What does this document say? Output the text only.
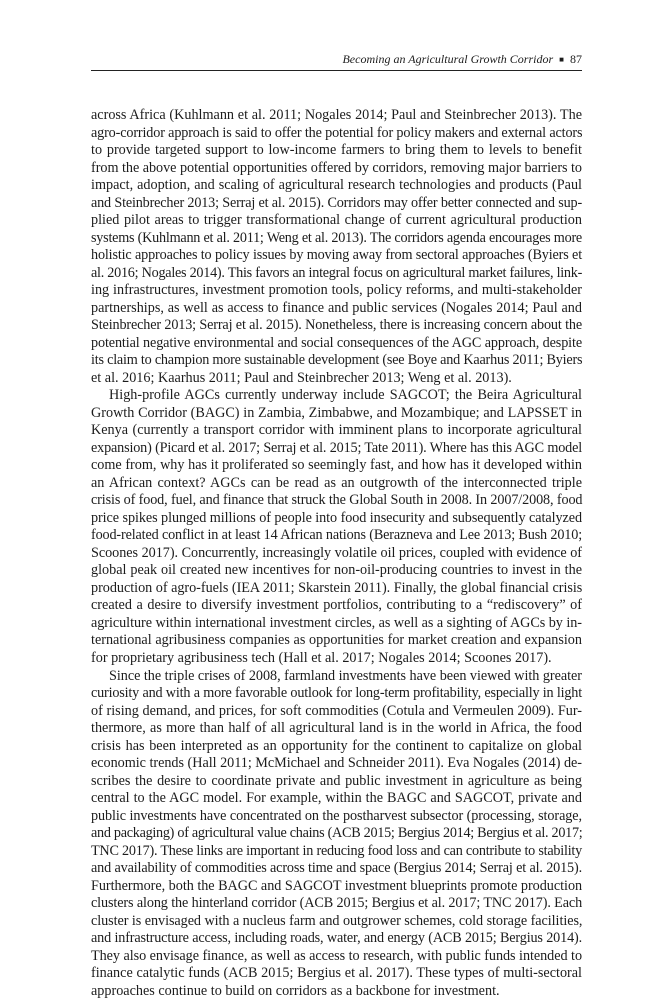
Becoming an Agricultural Growth Corridor ■ 87

across Africa (Kuhlmann et al. 2011; Nogales 2014; Paul and Steinbrecher 2013). The
agro-corridor approach is said to offer the potential for policy makers and external actors
to provide targeted support to low-income farmers to bring them to levels to benefit
from the above potential opportunities offered by corridors, removing major barriers to
impact, adoption, and scaling of agricultural research technologies and products (Paul
and Steinbrecher 2013; Serraj et al. 2015). Corridors may offer better connected and sup-
plied pilot areas to trigger transformational change of current agricultural production
systems (Kuhlmann et al. 2011; Weng et al. 2013). The corridors agenda encourages more
holistic approaches to policy issues by moving away from sectoral approaches (Byiers et
al. 2016; Nogales 2014). This favors an integral focus on agricultural market failures, link-
ing infrastructures, investment promotion tools, policy reforms, and multi-stakeholder
partnerships, as well as access to finance and public services (Nogales 2014; Paul and
Steinbrecher 2013; Serraj et al. 2015). Nonetheless, there is increasing concern about the
potential negative environmental and social consequences of the AGC approach, despite
its claim to champion more sustainable development (see Boye and Kaarhus 2011; Byiers
et al. 2016; Kaarhus 2011; Paul and Steinbrecher 2013; Weng et al. 2013).

High-profile AGCs currently underway include SAGCOT; the Beira Agricultural
Growth Corridor (BAGC) in Zambia, Zimbabwe, and Mozambique; and LAPSSET in
Kenya (currently a transport corridor with imminent plans to incorporate agricultural
expansion) (Picard et al. 2017; Serraj et al. 2015; Tate 2011). Where has this AGC model
come from, why has it proliferated so seemingly fast, and how has it developed within
an African context? AGCs can be read as an outgrowth of the interconnected triple
crisis of food, fuel, and finance that struck the Global South in 2008. In 2007/2008, food
price spikes plunged millions of people into food insecurity and subsequently catalyzed
food-related conflict in at least 14 African nations (Berazneva and Lee 2013; Bush 2010;
Scoones 2017). Concurrently, increasingly volatile oil prices, coupled with evidence of
global peak oil created new incentives for non-oil-producing countries to invest in the
production of agro-fuels (IEA 2011; Skarstein 2011). Finally, the global financial crisis
created a desire to diversify investment portfolios, contributing to a “rediscovery” of
agriculture within international investment circles, as well as a sighting of AGCs by in-
ternational agribusiness companies as opportunities for market creation and expansion
for proprietary agribusiness tech (Hall et al. 2017; Nogales 2014; Scoones 2017).

Since the triple crises of 2008, farmland investments have been viewed with greater
curiosity and with a more favorable outlook for long-term profitability, especially in light
of rising demand, and prices, for soft commodities (Cotula and Vermeulen 2009). Fur-
thermore, as more than half of all agricultural land is in the world in Africa, the food
crisis has been interpreted as an opportunity for the continent to capitalize on global
economic trends (Hall 2011; McMichael and Schneider 2011). Eva Nogales (2014) de-
scribes the desire to coordinate private and public investment in agriculture as being
central to the AGC model. For example, within the BAGC and SAGCOT, private and
public investments have concentrated on the postharvest subsector (processing, storage,
and packaging) of agricultural value chains (ACB 2015; Bergius 2014; Bergius et al. 2017;
TNC 2017). These links are important in reducing food loss and can contribute to stability
and availability of commodities across time and space (Bergius 2014; Serraj et al. 2015).
Furthermore, both the BAGC and SAGCOT investment blueprints promote production
clusters along the hinterland corridor (ACB 2015; Bergius et al. 2017; TNC 2017). Each
cluster is envisaged with a nucleus farm and outgrower schemes, cold storage facilities,
and infrastructure access, including roads, water, and energy (ACB 2015; Bergius 2014).
They also envisage finance, as well as access to research, with public funds intended to
finance catalytic funds (ACB 2015; Bergius et al. 2017). These types of multi-sectoral
approaches continue to build on corridors as a backbone for investment.
